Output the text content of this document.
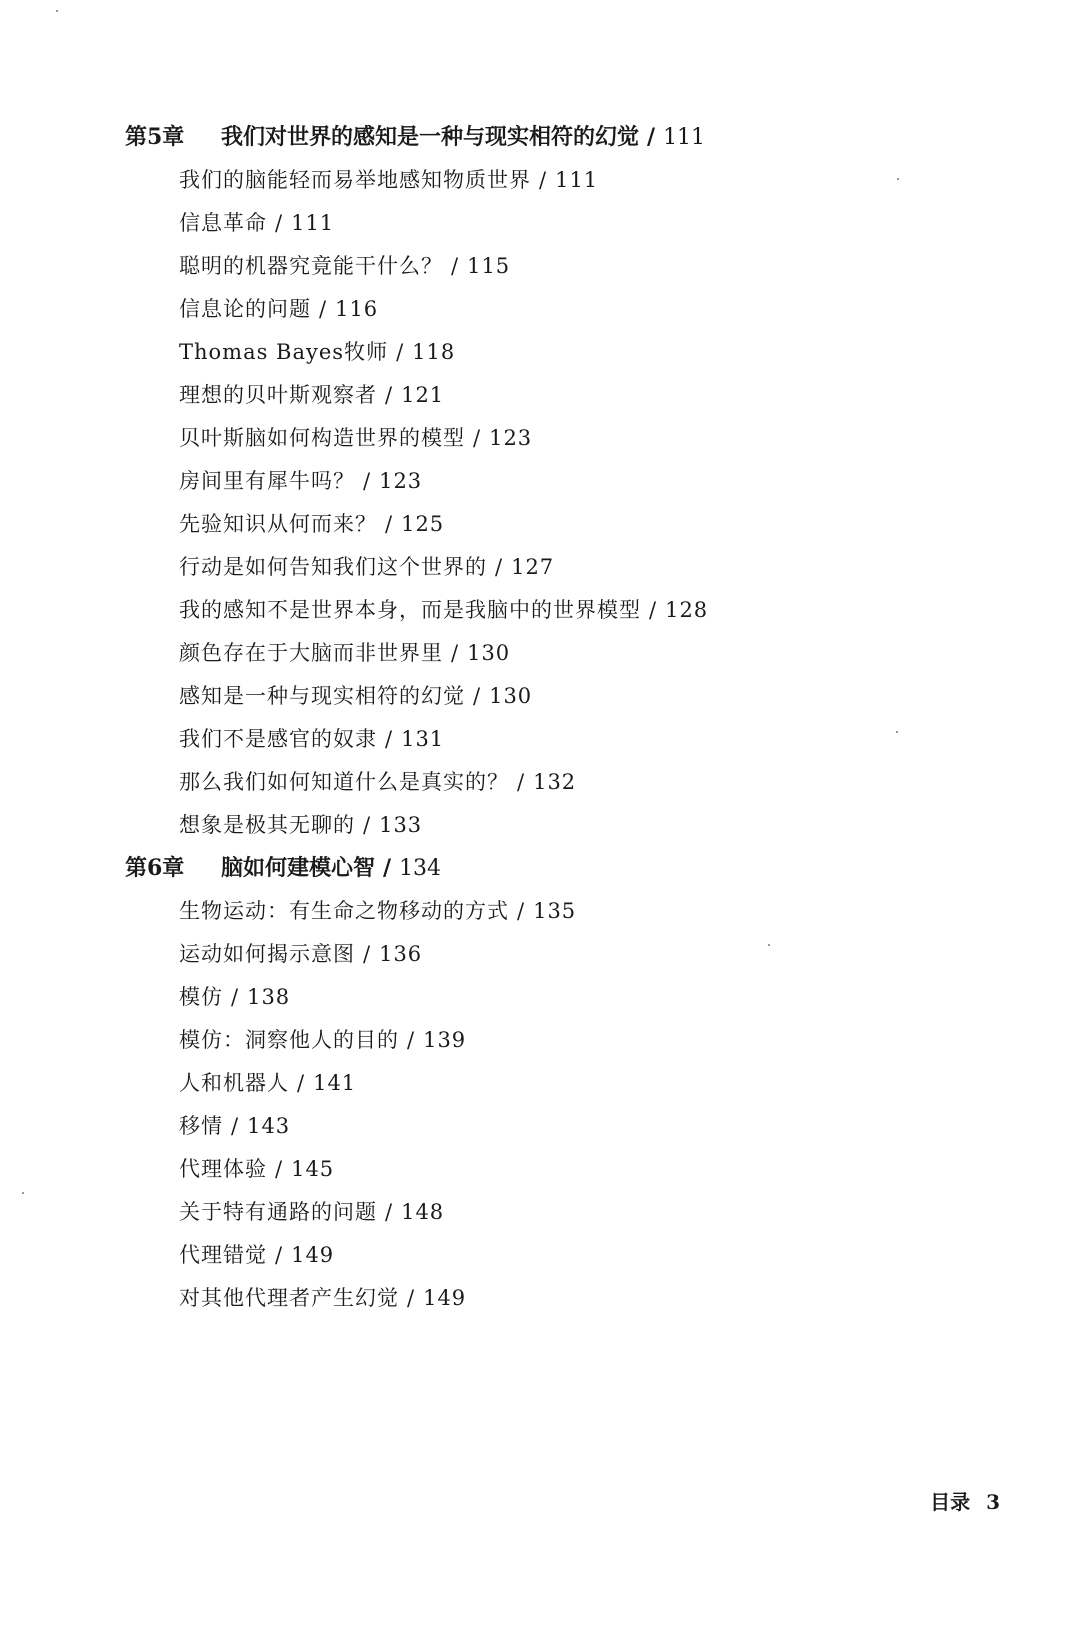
第5章 我们对世界的感知是一种与现实相符的幻觉 / 111
我们的脑能轻而易举地感知物质世界 / 111
信息革命 / 111
聪明的机器究竟能干什么？ / 115
信息论的问题 / 116
Thomas Bayes牧师 / 118
理想的贝叶斯观察者 / 121
贝叶斯脑如何构造世界的模型 / 123
房间里有犀牛吗？ / 123
先验知识从何而来？ / 125
行动是如何告知我们这个世界的 / 127
我的感知不是世界本身，而是我脑中的世界模型 / 128
颜色存在于大脑而非世界里 / 130
感知是一种与现实相符的幻觉 / 130
我们不是感官的奴隶 / 131
那么我们如何知道什么是真实的？ / 132
想象是极其无聊的 / 133
第6章 脑如何建模心智 / 134
生物运动：有生命之物移动的方式 / 135
运动如何揭示意图 / 136
模仿 / 138
模仿：洞察他人的目的 / 139
人和机器人 / 141
移情 / 143
代理体验 / 145
关于特有通路的问题 / 148
代理错觉 / 149
对其他代理者产生幻觉 / 149
目录 3
